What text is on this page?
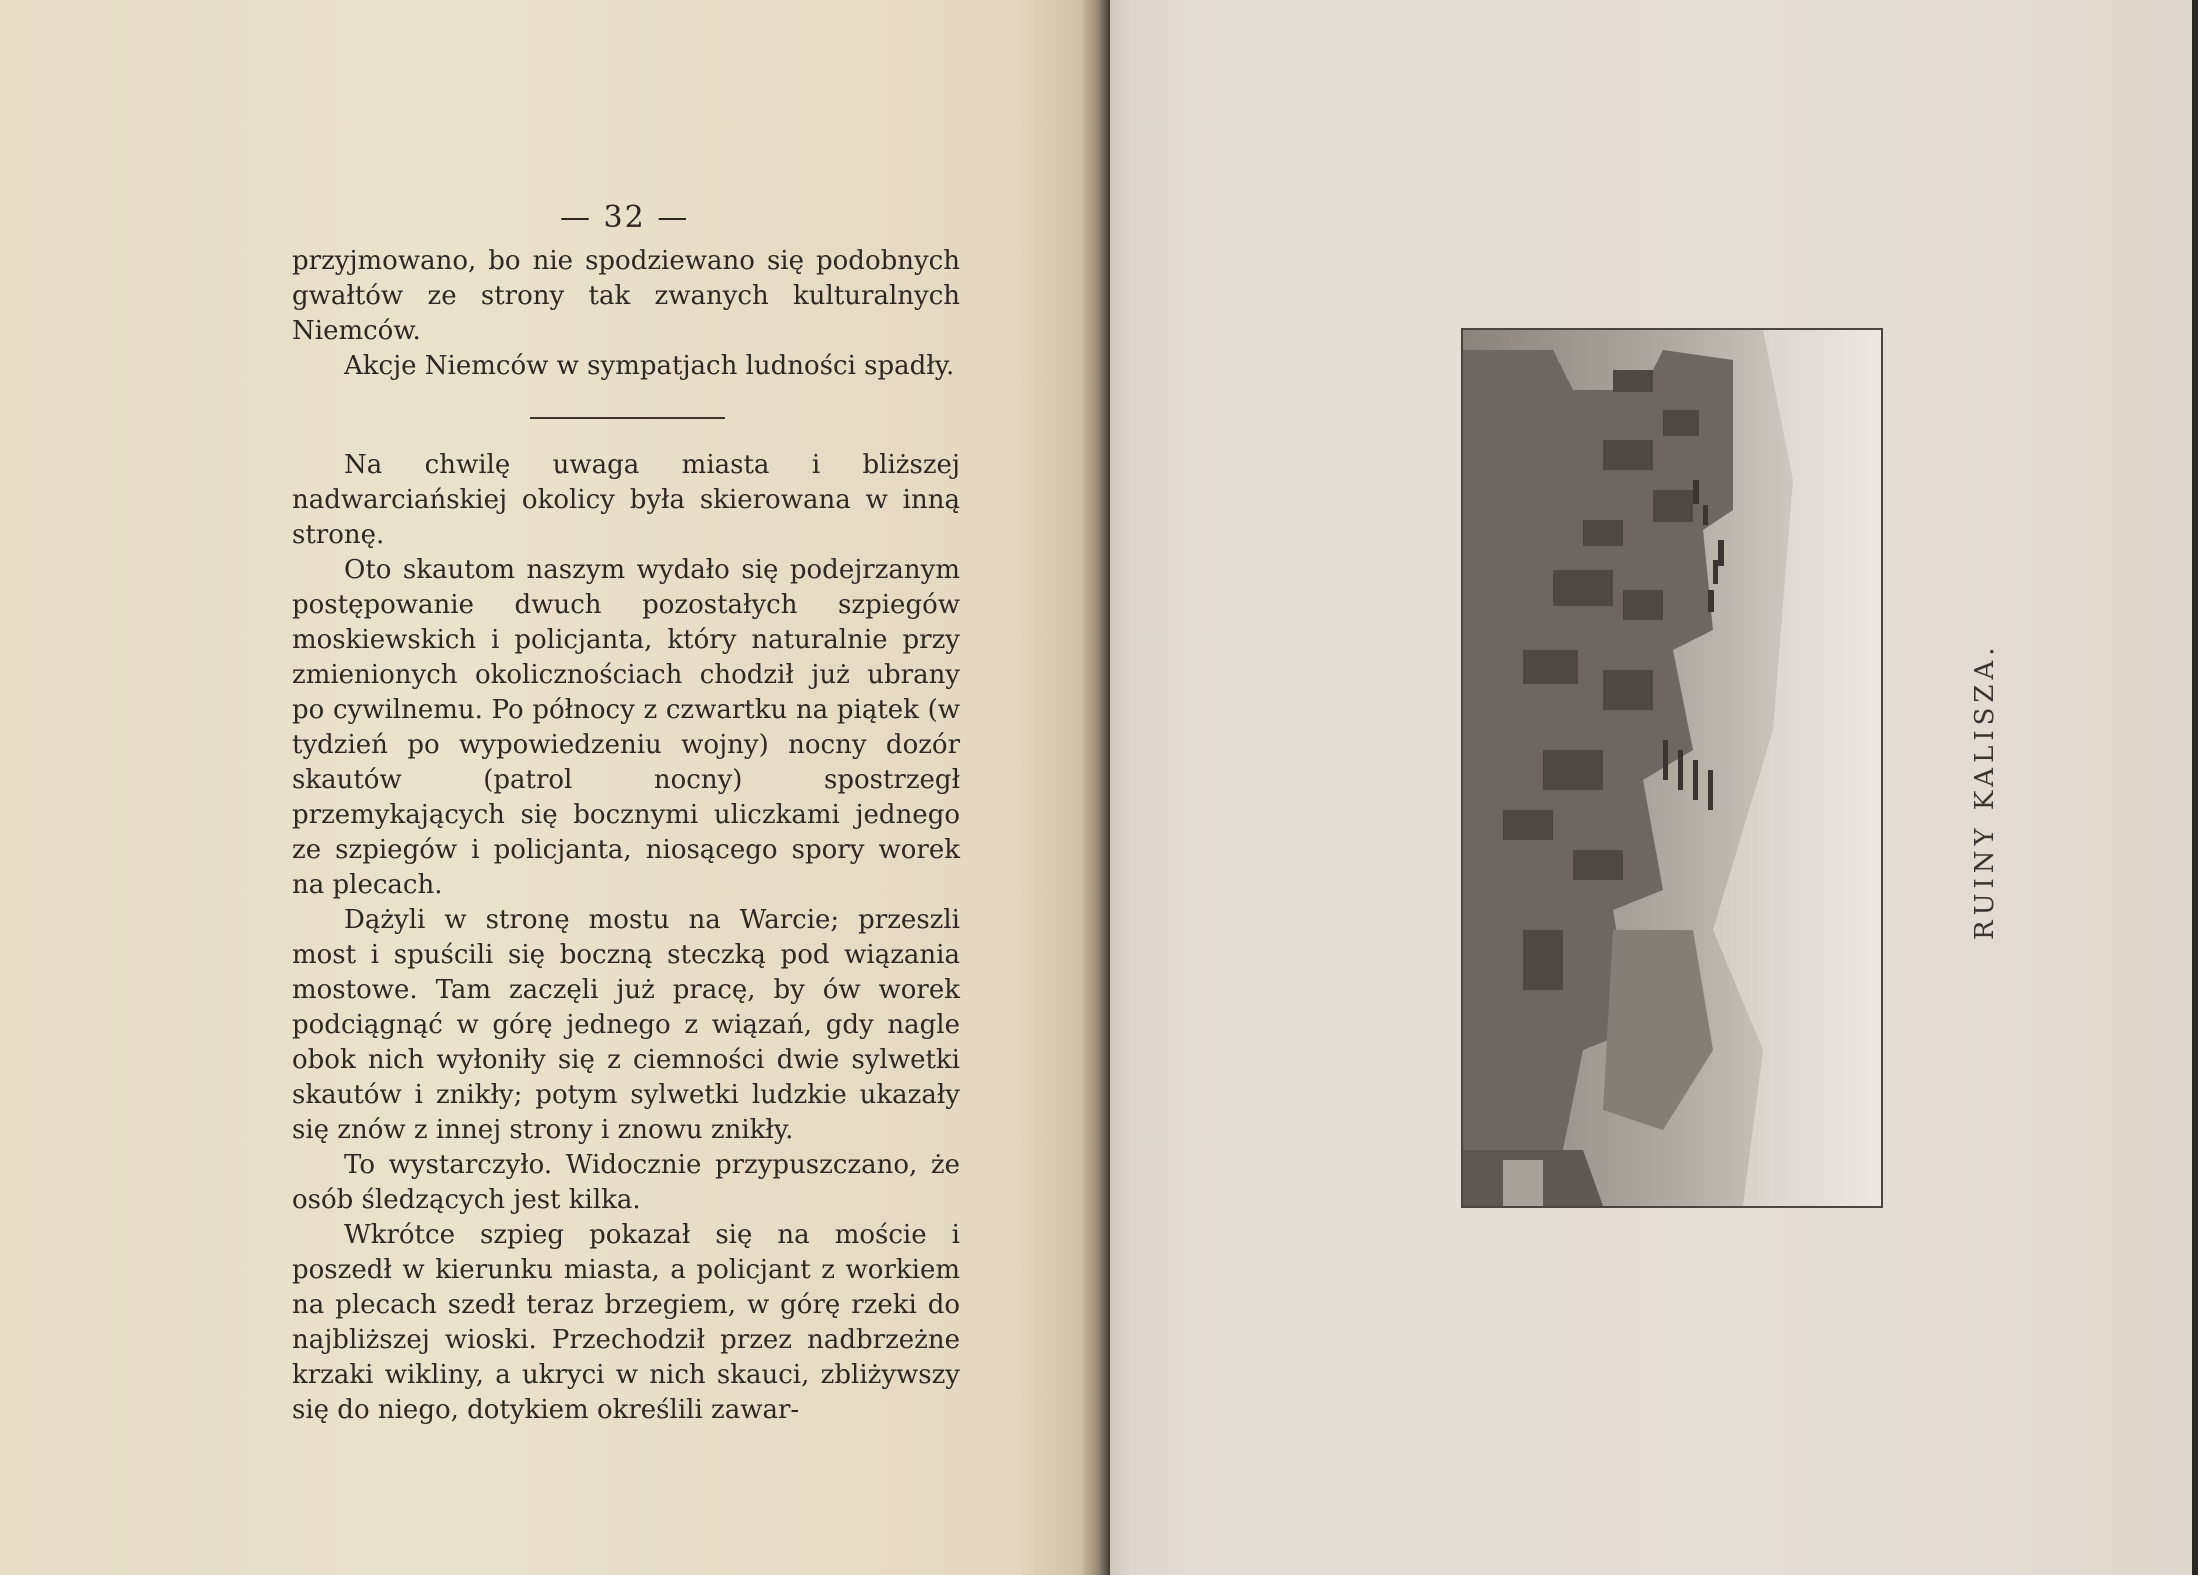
— 32 —

przyjmowano, bo nie spodziewano się podobnych gwałtów ze strony tak zwanych kulturalnych Niemców.

Akcje Niemców w sympatjach ludności spadły.

Na chwilę uwaga miasta i bliższej nadwarciańskiej okolicy była skierowana w inną stronę.

Oto skautom naszym wydało się podejrzanym postępowanie dwuch pozostałych szpiegów moskiewskich i policjanta, który naturalnie przy zmienionych okolicznościach chodził już ubrany po cywilnemu. Po północy z czwartku na piątek (w tydzień po wypowiedzeniu wojny) nocny dozór skautów (patrol nocny) spostrzegł przemykających się bocznymi uliczkami jednego ze szpiegów i policjanta, niosącego spory worek na plecach.

Dążyli w stronę mostu na Warcie; przeszli most i spuścili się boczną steczką pod wiązania mostowe. Tam zaczęli już pracę, by ów worek podciągnąć w górę jednego z wiązań, gdy nagle obok nich wyłoniły się z ciemności dwie sylwetki skautów i znikły; potym sylwetki ludzkie ukazały się znów z innej strony i znowu znikły.

To wystarczyło. Widocznie przypuszczano, że osób śledzących jest kilka.

Wkrótce szpieg pokazał się na moście i poszedł w kierunku miasta, a policjant z workiem na plecach szedł teraz brzegiem, w górę rzeki do najbliższej wioski. Przechodził przez nadbrzeżne krzaki wikliny, a ukryci w nich skauci, zbliżywszy się do niego, dotykiem określili zawar-

RUINY KALISZA.
